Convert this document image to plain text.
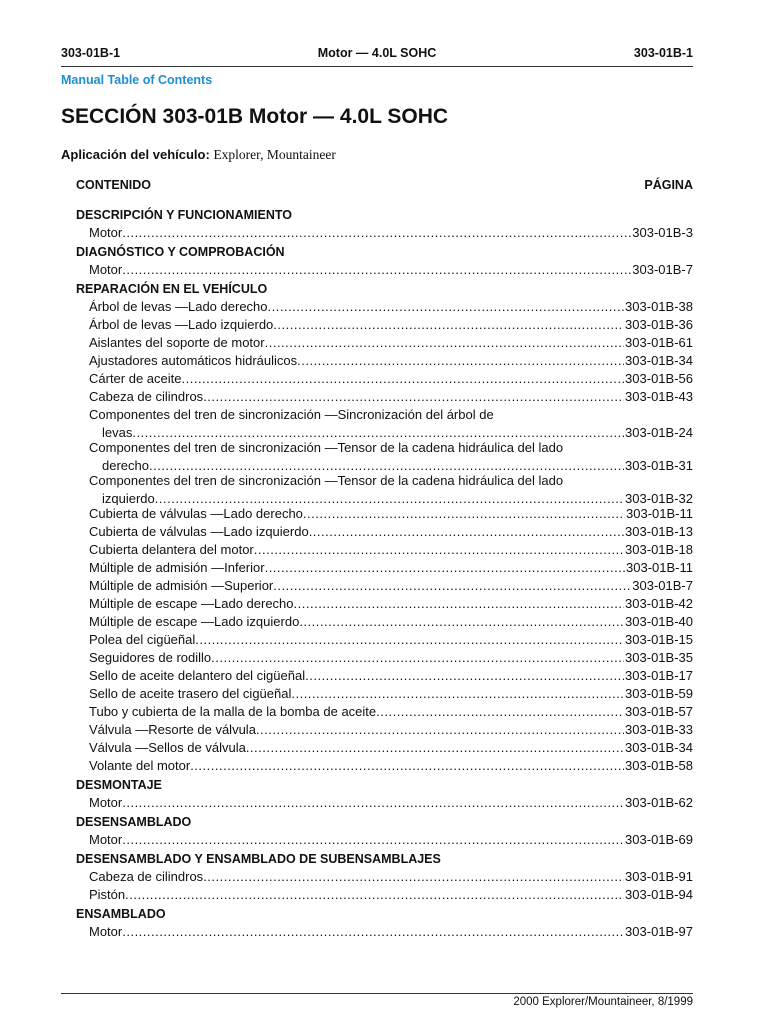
303-01B-1	Motor — 4.0L SOHC	303-01B-1
Manual Table of Contents
SECCIÓN 303-01B Motor — 4.0L SOHC
Aplicación del vehículo: Explorer, Mountaineer
CONTENIDO	PÁGINA
DESCRIPCIÓN Y FUNCIONAMIENTO
Motor .....	303-01B-3
DIAGNÓSTICO Y COMPROBACIÓN
Motor .....	303-01B-7
REPARACIÓN EN EL VEHÍCULO
Árbol de levas —Lado derecho .....	303-01B-38
Árbol de levas —Lado izquierdo .....	303-01B-36
Aislantes del soporte de motor .....	303-01B-61
Ajustadores automáticos hidráulicos .....	303-01B-34
Cárter de aceite .....	303-01B-56
Cabeza de cilindros .....	303-01B-43
Componentes del tren de sincronización —Sincronización del árbol de
levas .....	303-01B-24
Componentes del tren de sincronización —Tensor de la cadena hidráulica del lado
derecho .....	303-01B-31
Componentes del tren de sincronización —Tensor de la cadena hidráulica del lado
izquierdo .....	303-01B-32
Cubierta de válvulas —Lado derecho .....	303-01B-11
Cubierta de válvulas —Lado izquierdo .....	303-01B-13
Cubierta delantera del motor .....	303-01B-18
Múltiple de admisión —Inferior .....	303-01B-11
Múltiple de admisión —Superior .....	303-01B-7
Múltiple de escape —Lado derecho .....	303-01B-42
Múltiple de escape —Lado izquierdo .....	303-01B-40
Polea del cigüeñal .....	303-01B-15
Seguidores de rodillo .....	303-01B-35
Sello de aceite delantero del cigüeñal .....	303-01B-17
Sello de aceite trasero del cigüeñal .....	303-01B-59
Tubo y cubierta de la malla de la bomba de aceite .....	303-01B-57
Válvula —Resorte de válvula .....	303-01B-33
Válvula —Sellos de válvula .....	303-01B-34
Volante del motor .....	303-01B-58
DESMONTAJE
Motor .....	303-01B-62
DESENSAMBLADO
Motor .....	303-01B-69
DESENSAMBLADO Y ENSAMBLADO DE SUBENSAMBLAJES
Cabeza de cilindros .....	303-01B-91
Pistón .....	303-01B-94
ENSAMBLADO
Motor .....	303-01B-97
2000 Explorer/Mountaineer, 8/1999
